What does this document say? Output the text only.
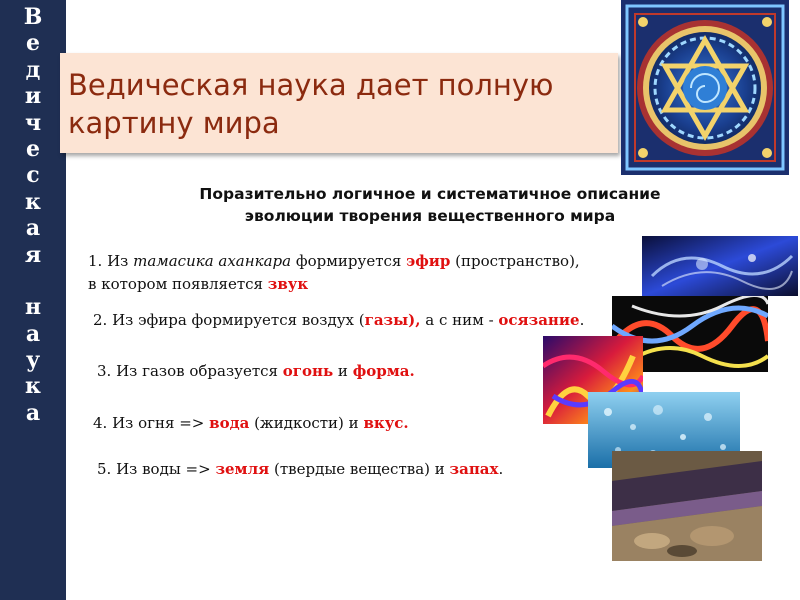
В
е
д
и
ч
е
с
к
а
я
н
а
у
к
а
Ведическая наука дает полную картину мира
Поразительно логичное и систематичное описание
эволюции творения вещественного мира
1. Из тамасика аханкара формируется эфир (пространство),
в котором появляется звук
2. Из эфира формируется воздух (газы), а с ним - осязание.
3. Из газов образуется огонь и форма.
4. Из огня => вода (жидкости) и вкус.
5. Из воды => земля (твердые вещества) и запах.
